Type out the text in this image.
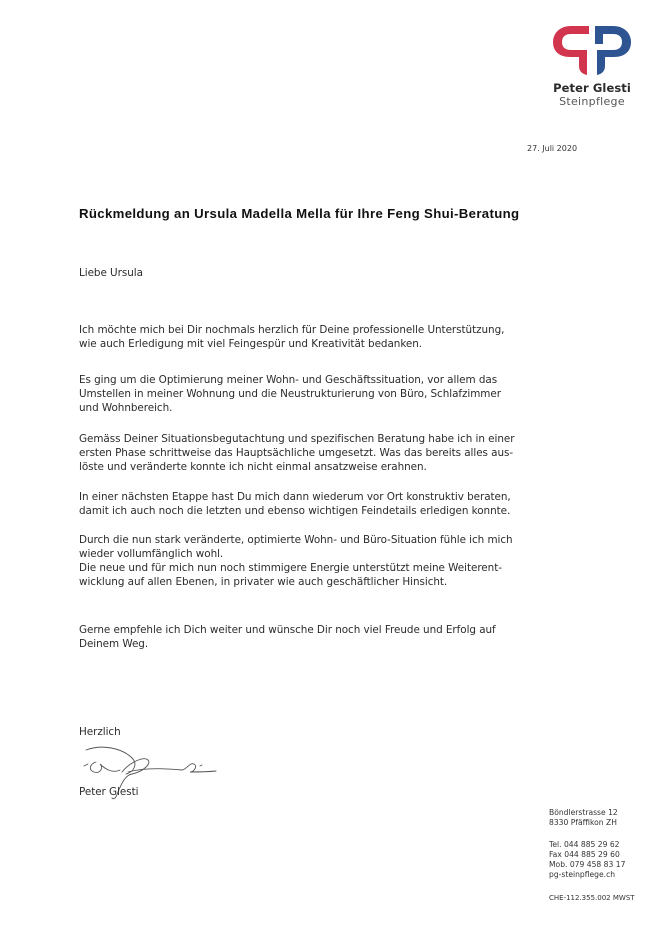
Peter Glesti
Steinpflege
27. Juli 2020
Rückmeldung an Ursula Madella Mella für Ihre Feng Shui-Beratung
Liebe Ursula

Ich möchte mich bei Dir nochmals herzlich für Deine professionelle Unterstützung,

wie auch Erledigung mit viel Feingespür und Kreativität bedanken.

Es ging um die Optimierung meiner Wohn- und Geschäftssituation, vor allem das

Umstellen in meiner Wohnung und die Neustrukturierung von Büro, Schlafzimmer

und Wohnbereich.

Gemäss Deiner Situationsbegutachtung und spezifischen Beratung habe ich in einer

ersten Phase schrittweise das Hauptsächliche umgesetzt. Was das bereits alles aus-

löste und veränderte konnte ich nicht einmal ansatzweise erahnen.

In einer nächsten Etappe hast Du mich dann wiederum vor Ort konstruktiv beraten,

damit ich auch noch die letzten und ebenso wichtigen Feindetails erledigen konnte.

Durch die nun stark veränderte, optimierte Wohn- und Büro-Situation fühle ich mich

wieder vollumfänglich wohl.

Die neue und für mich nun noch stimmigere Energie unterstützt meine Weiterent-

wicklung auf allen Ebenen, in privater wie auch geschäftlicher Hinsicht.

Gerne empfehle ich Dich weiter und wünsche Dir noch viel Freude und Erfolg auf

Deinem Weg.

Herzlich
Peter Glesti
Böndlerstrasse 12
8330 Pfäffikon ZH
Tel. 044 885 29 62
Fax 044 885 29 60
Mob. 079 458 83 17
pg-steinpflege.ch
CHE-112.355.002 MWST
